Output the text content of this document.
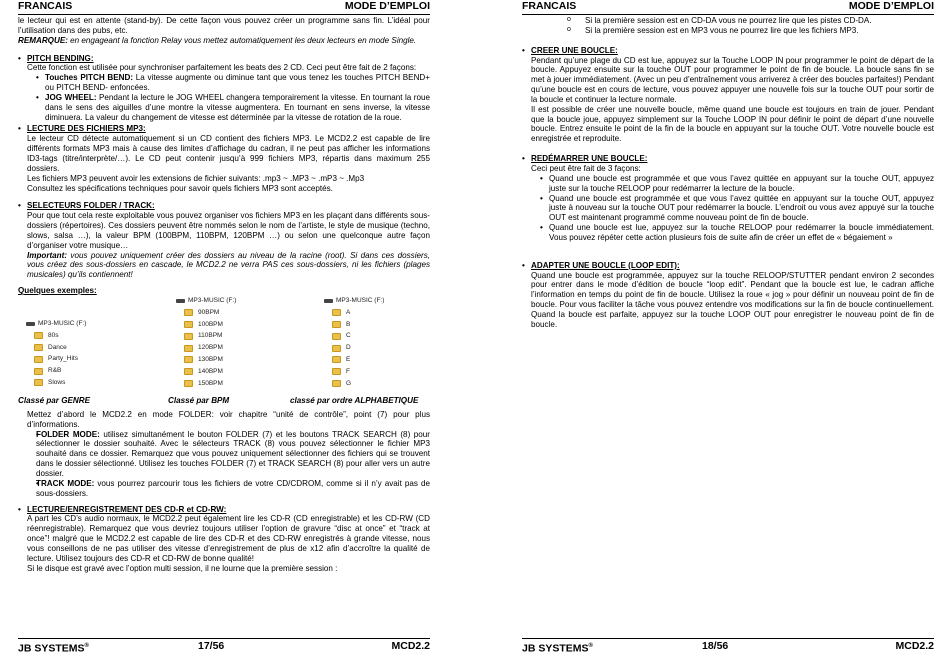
FRANCAIS	MODE D’EMPLOI

le lecteur qui est en attente (stand-by). De cette façon vous pouvez créer un programme sans fin. L’idéal pour l’utilisation dans des pubs, etc.

REMARQUE: en engageant la fonction Relay vous mettez automatiquement les deux lecteurs en mode Single.

• PITCH BENDING:

Cette fonction est utilisée pour synchroniser parfaitement les beats des 2 CD. Ceci peut être fait de 2 façons:

• Touches PITCH BEND: La vitesse augmente ou diminue tant que vous tenez les touches PITCH BEND+ ou PITCH BEND- enfoncées.

• JOG WHEEL: Pendant la lecture le JOG WHEEL changera temporairement la vitesse. En tournant la roue dans le sens des aiguilles d’une montre la vitesse augmentera. En tournant en sens inverse, la vitesse diminuera. La valeur du changement de vitesse est déterminée par la vitesse de rotation de la roue.

• LECTURE DES FICHIERS MP3:

Le lecteur CD détecte automatiquement si un CD contient des fichiers MP3. Le MCD2.2 est capable de lire différents formats MP3 mais à cause des limites d’affichage du cadran, il ne peut pas afficher les informations ID3-tags (titre/interprète/…). Le CD peut contenir jusqu’à 999 fichiers MP3, répartis dans maximum 255 dossiers.

Les fichiers MP3 peuvent avoir les extensions de fichier suivants: .mp3 ~ .MP3 ~ .mP3 ~ .Mp3

Consultez les spécifications techniques pour savoir quels fichiers MP3 sont acceptés.

• SELECTEURS FOLDER / TRACK:

Pour que tout cela reste exploitable vous pouvez organiser vos fichiers MP3 en les plaçant dans différents sous-dossiers (répertoires). Ces dossiers peuvent être nommés selon le nom de l’artiste, le style de musique (techno, slows, salsa …), la valeur BPM (100BPM, 110BPM, 120BPM …) ou selon une quelconque autre façon d’organiser votre musique…

Important: vous pouvez uniquement créer des dossiers au niveau de la racine (root). Si dans ces dossiers, vous créez des sous-dossiers en cascade, le MCD2.2 ne verra PAS ces sous-dossiers, ni les fichiers (plages musicales) qu’ils contiennent!

Quelques exemples:

MP3-MUSIC (F:)
80s
Dance
Party_Hits
R&B
Slows
MP3-MUSIC (F:)
90BPM
100BPM
110BPM
120BPM
130BPM
140BPM
150BPM
MP3-MUSIC (F:)
A
B
C
D
E
F
G
Classé par GENRE	Classé par BPM	classé par ordre ALPHABETIQUE

Mettez d’abord le MCD2.2 en mode FOLDER: voir chapitre “unité de contrôle”, point (7) pour plus d’informations.

• FOLDER MODE: utilisez simultanément le bouton FOLDER (7) et les boutons TRACK SEARCH (8) pour sélectionner le dossier souhaité. Avec le sélecteurs TRACK (8) vous pouvez sélectionner le fichier MP3 souhaité dans ce dossier. Remarquez que vous pouvez uniquement sélectionner des fichiers qui se trouvent dans le dossier sélectionné. Utilisez les touches FOLDER (7) et TRACK SEARCH (8) pour aller vers un autre dossier.

• TRACK MODE: vous pourrez parcourir tous les fichiers de votre CD/CDROM, comme si il n’y avait pas de sous-dossiers.

• LECTURE/ENREGISTREMENT DES CD-R et CD-RW:

A part les CD’s audio normaux, le MCD2.2 peut également lire les CD-R (CD enregistrable) et les CD-RW (CD réenregistrable). Remarquez que vous devriez toujours utiliser l’option de gravure “disc at once” et “track at once”! malgré que le MCD2.2 est capable de lire des CD-R et des CD-RW enregistrés à grande vitesse, nous vous conseillons de ne pas utiliser des vitesse d’enregistrement de plus de x12 afin d’accroître la qualité de lecture. Utilisez toujours des CD-R et CD-RW de bonne qualité!

Si le disque est gravé avec l’option multi session, il ne lourne que la première session :

JB SYSTEMS®	17/56	MCD2.2
FRANCAIS	MODE D’EMPLOI

o Si la première session est en CD-DA vous ne pourrez lire que les pistes CD-DA.

o Si la première session est en MP3 vous ne pourrez lire que les fichiers MP3.

• CREER UNE BOUCLE:

Pendant qu’une plage du CD est lue, appuyez sur la Touche LOOP IN pour programmer le point de départ de la boucle. Appuyez ensuite sur la touche OUT pour programmer le point de fin de boucle. La boucle sans fin se met à jouer immédiatement. (Avec un peu d’entraînement vous arriverez à créer des boucles parfaites!) Pendant qu’une boucle est en cours de lecture, vous pouvez appuyer une nouvelle fois sur la touche OUT pour sortir de la boucle et continuer la lecture normale.

Il est possible de créer une nouvelle boucle, même quand une boucle est toujours en train de jouer. Pendant que la boucle joue, appuyez simplement sur la Touche LOOP IN pour définir le point de départ d’une nouvelle boucle. Entrez ensuite le point de la fin de la boucle en appuyant sur la touche OUT. Votre nouvelle boucle est enregistrée et reproduite.

• REDÉMARRER UNE BOUCLE:

Ceci peut être fait de 3 façons:

• Quand une boucle est programmée et que vous l’avez quittée en appuyant sur la touche OUT, appuyez juste sur la touche RELOOP pour redémarrer la lecture de la boucle.

• Quand une boucle est programmée et que vous l’avez quittée en appuyant sur la touche OUT, appuyez juste à nouveau sur la touche OUT pour redémarrer la boucle. L’endroit ou vous avez appuyé sur la touche OUT est maintenant programmé comme nouveau point de fin de boucle.

• Quand une boucle est lue, appuyez sur la touche RELOOP pour redémarrer la boucle immédiatement. Vous pouvez répéter cette action plusieurs fois de suite afin de créer un effet de « bégaiement »

• ADAPTER UNE BOUCLE (LOOP EDIT):

Quand une boucle est programmée, appuyez sur la touche RELOOP/STUTTER pendant environ 2 secondes pour entrer dans le mode d’édition de boucle “loop edit”. Pendant que la boucle est lue, le cadran affiche l’information en temps du point de fin de boucle. Utilisez la roue « jog » pour définir un nouveau point de fin de boucle. Pour vous faciliter la tâche vous pouvez entendre vos modifications sur la fin de boucle continuellement. Quand la boucle est parfaite, appuyez sur la touche LOOP OUT pour enregistrer le nouveau point de fin de boucle.

JB SYSTEMS®	18/56	MCD2.2
